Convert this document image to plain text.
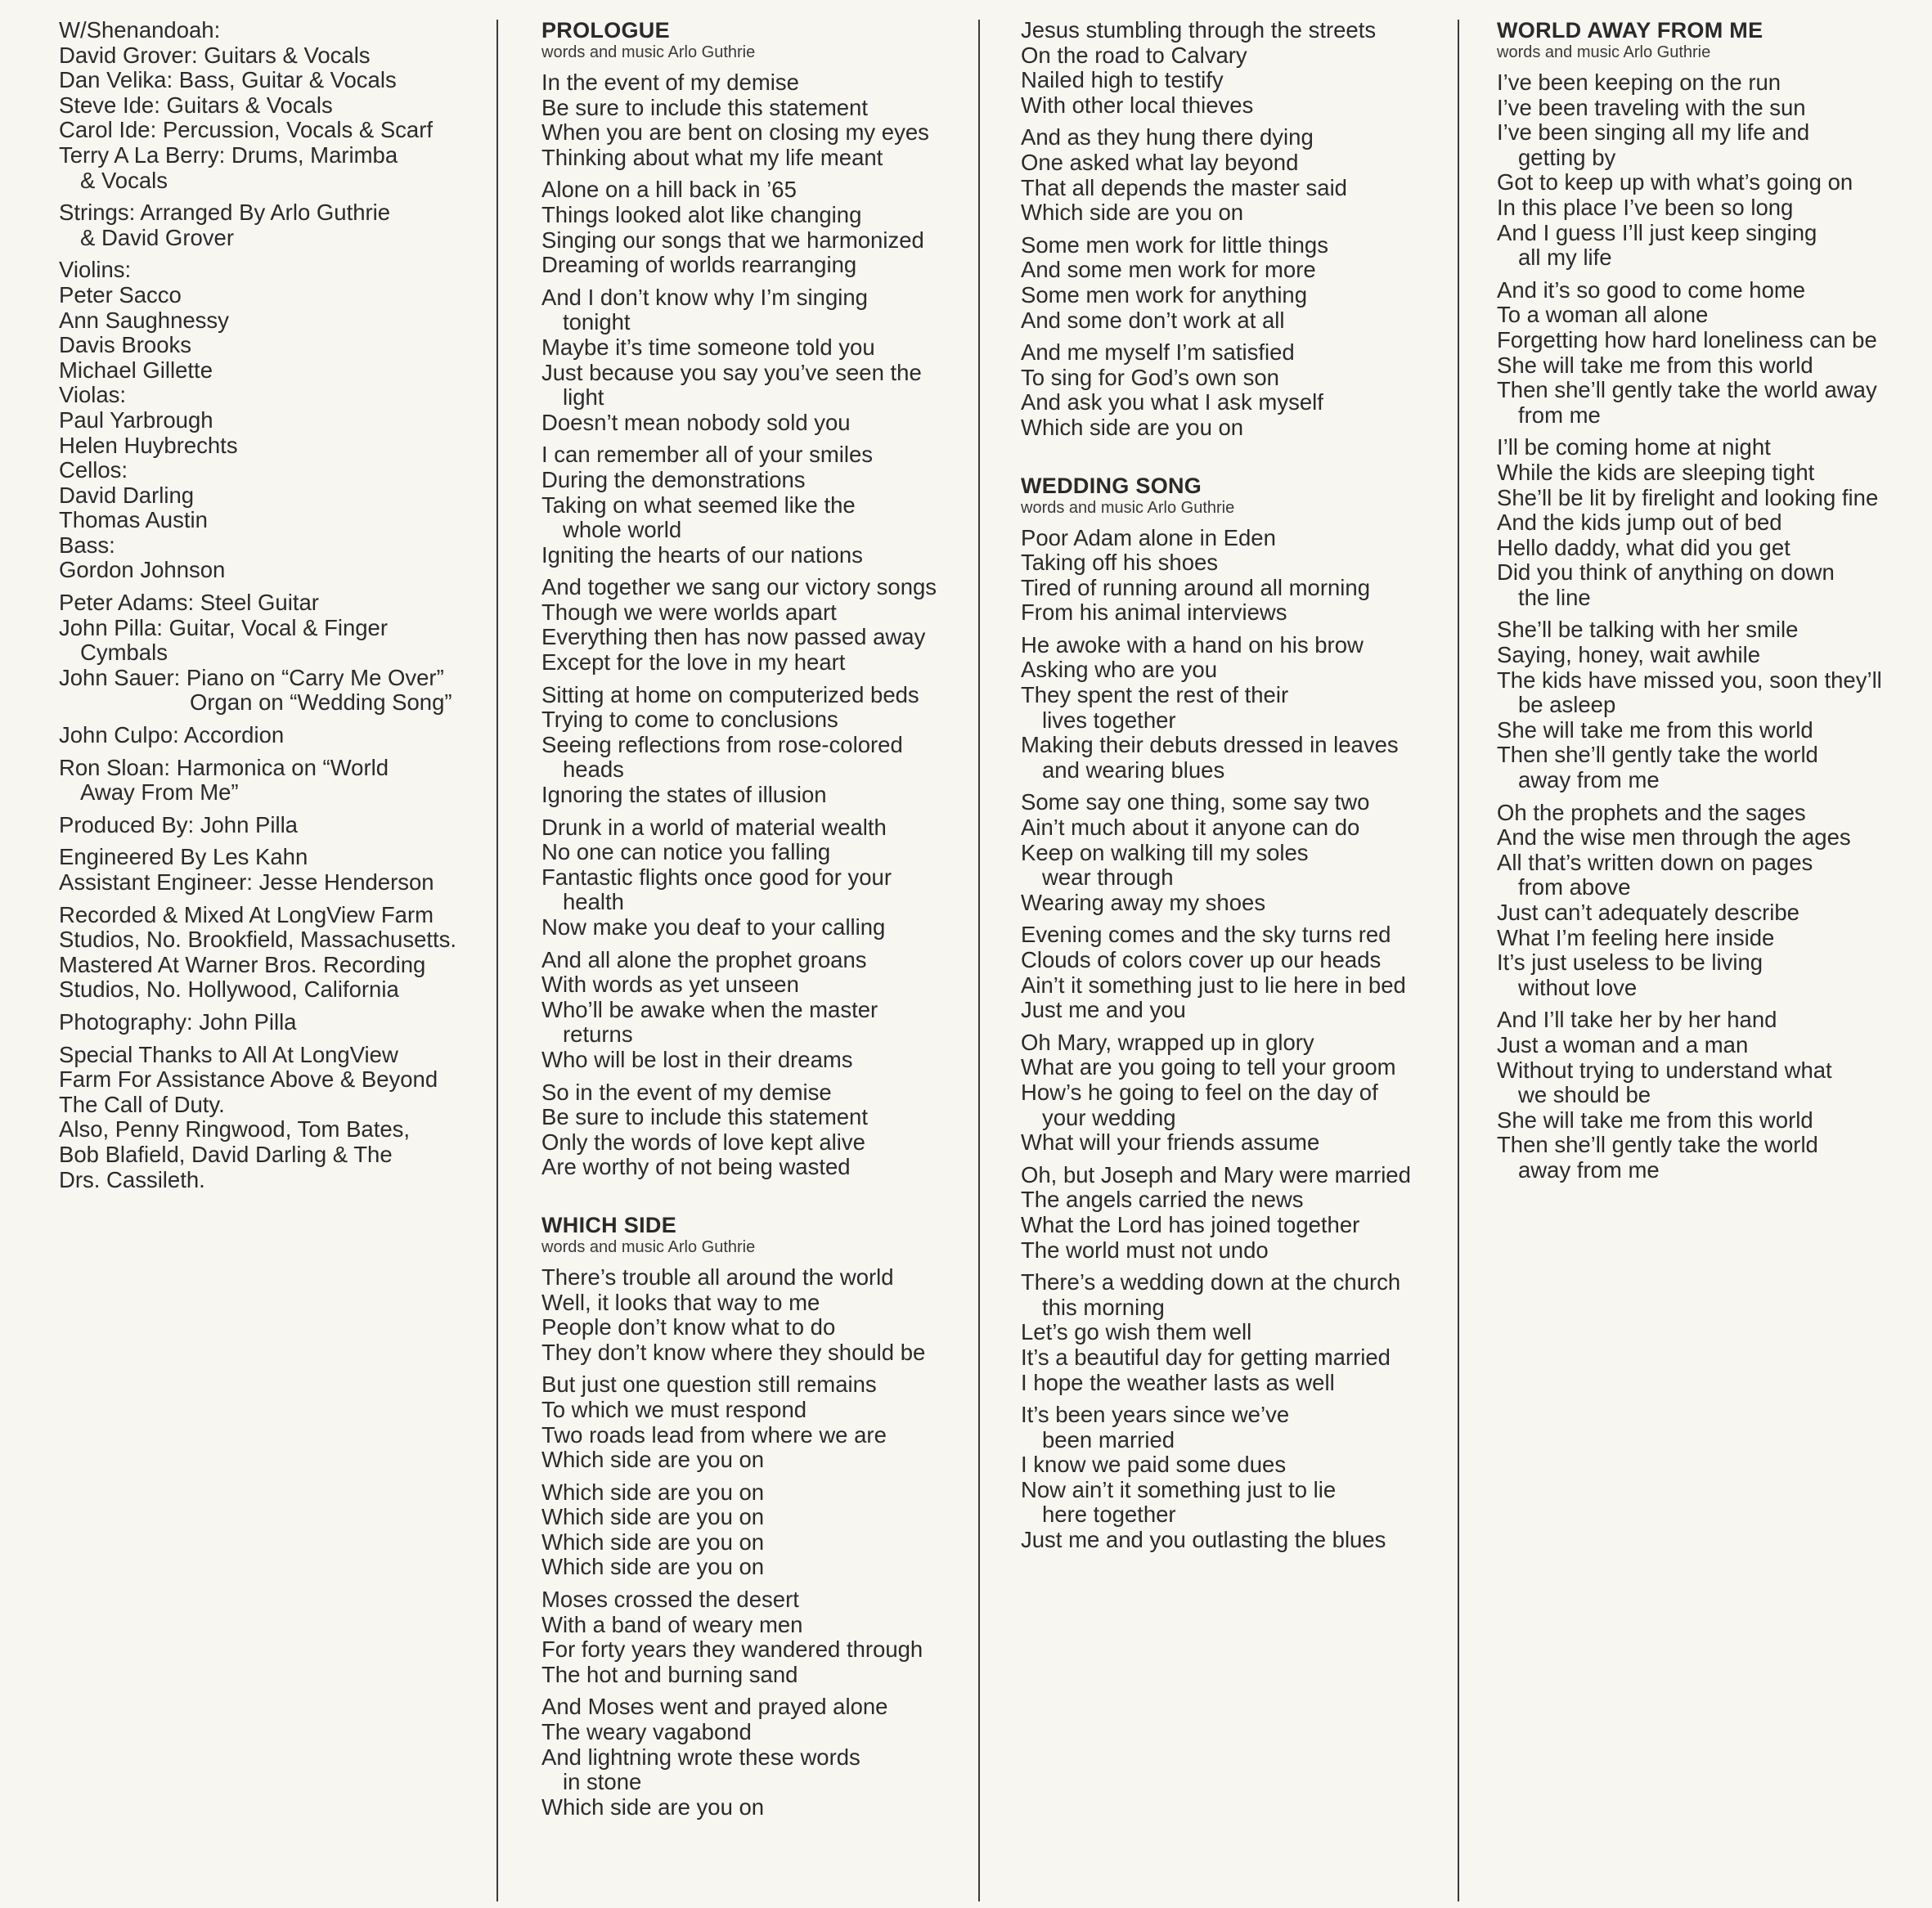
W/Shenandoah:
David Grover: Guitars & Vocals
Dan Velika: Bass, Guitar & Vocals
Steve Ide: Guitars & Vocals
Carol Ide: Percussion, Vocals & Scarf
Terry A La Berry: Drums, Marimba
& Vocals
Strings: Arranged By Arlo Guthrie
& David Grover
Violins:
Peter Sacco
Ann Saughnessy
Davis Brooks
Michael Gillette
Violas:
Paul Yarbrough
Helen Huybrechts
Cellos:
David Darling
Thomas Austin
Bass:
Gordon Johnson
Peter Adams: Steel Guitar
John Pilla: Guitar, Vocal & Finger
Cymbals
John Sauer: Piano on “Carry Me Over”
Organ on “Wedding Song”
John Culpo: Accordion
Ron Sloan: Harmonica on “World
Away From Me”
Produced By: John Pilla
Engineered By Les Kahn
Assistant Engineer: Jesse Henderson
Recorded & Mixed At LongView Farm
Studios, No. Brookfield, Massachusetts.
Mastered At Warner Bros. Recording
Studios, No. Hollywood, California
Photography: John Pilla
Special Thanks to All At LongView
Farm For Assistance Above & Beyond
The Call of Duty.
Also, Penny Ringwood, Tom Bates,
Bob Blafield, David Darling & The
Drs. Cassileth.
PROLOGUE
words and music Arlo Guthrie
In the event of my demise
Be sure to include this statement
When you are bent on closing my eyes
Thinking about what my life meant
Alone on a hill back in ’65
Things looked alot like changing
Singing our songs that we harmonized
Dreaming of worlds rearranging
And I don’t know why I’m singing
tonight
Maybe it’s time someone told you
Just because you say you’ve seen the
light
Doesn’t mean nobody sold you
I can remember all of your smiles
During the demonstrations
Taking on what seemed like the
whole world
Igniting the hearts of our nations
And together we sang our victory songs
Though we were worlds apart
Everything then has now passed away
Except for the love in my heart
Sitting at home on computerized beds
Trying to come to conclusions
Seeing reflections from rose-colored
heads
Ignoring the states of illusion
Drunk in a world of material wealth
No one can notice you falling
Fantastic flights once good for your
health
Now make you deaf to your calling
And all alone the prophet groans
With words as yet unseen
Who’ll be awake when the master
returns
Who will be lost in their dreams
So in the event of my demise
Be sure to include this statement
Only the words of love kept alive
Are worthy of not being wasted
WHICH SIDE
words and music Arlo Guthrie
There’s trouble all around the world
Well, it looks that way to me
People don’t know what to do
They don’t know where they should be
But just one question still remains
To which we must respond
Two roads lead from where we are
Which side are you on
Which side are you on
Which side are you on
Which side are you on
Which side are you on
Moses crossed the desert
With a band of weary men
For forty years they wandered through
The hot and burning sand
And Moses went and prayed alone
The weary vagabond
And lightning wrote these words
in stone
Which side are you on
Jesus stumbling through the streets
On the road to Calvary
Nailed high to testify
With other local thieves
And as they hung there dying
One asked what lay beyond
That all depends the master said
Which side are you on
Some men work for little things
And some men work for more
Some men work for anything
And some don’t work at all
And me myself I’m satisfied
To sing for God’s own son
And ask you what I ask myself
Which side are you on
WEDDING SONG
words and music Arlo Guthrie
Poor Adam alone in Eden
Taking off his shoes
Tired of running around all morning
From his animal interviews
He awoke with a hand on his brow
Asking who are you
They spent the rest of their
lives together
Making their debuts dressed in leaves
and wearing blues
Some say one thing, some say two
Ain’t much about it anyone can do
Keep on walking till my soles
wear through
Wearing away my shoes
Evening comes and the sky turns red
Clouds of colors cover up our heads
Ain’t it something just to lie here in bed
Just me and you
Oh Mary, wrapped up in glory
What are you going to tell your groom
How’s he going to feel on the day of
your wedding
What will your friends assume
Oh, but Joseph and Mary were married
The angels carried the news
What the Lord has joined together
The world must not undo
There’s a wedding down at the church
this morning
Let’s go wish them well
It’s a beautiful day for getting married
I hope the weather lasts as well
It’s been years since we’ve
been married
I know we paid some dues
Now ain’t it something just to lie
here together
Just me and you outlasting the blues
WORLD AWAY FROM ME
words and music Arlo Guthrie
I’ve been keeping on the run
I’ve been traveling with the sun
I’ve been singing all my life and
getting by
Got to keep up with what’s going on
In this place I’ve been so long
And I guess I’ll just keep singing
all my life
And it’s so good to come home
To a woman all alone
Forgetting how hard loneliness can be
She will take me from this world
Then she’ll gently take the world away
from me
I’ll be coming home at night
While the kids are sleeping tight
She’ll be lit by firelight and looking fine
And the kids jump out of bed
Hello daddy, what did you get
Did you think of anything on down
the line
She’ll be talking with her smile
Saying, honey, wait awhile
The kids have missed you, soon they’ll
be asleep
She will take me from this world
Then she’ll gently take the world
away from me
Oh the prophets and the sages
And the wise men through the ages
All that’s written down on pages
from above
Just can’t adequately describe
What I’m feeling here inside
It’s just useless to be living
without love
And I’ll take her by her hand
Just a woman and a man
Without trying to understand what
we should be
She will take me from this world
Then she’ll gently take the world
away from me
